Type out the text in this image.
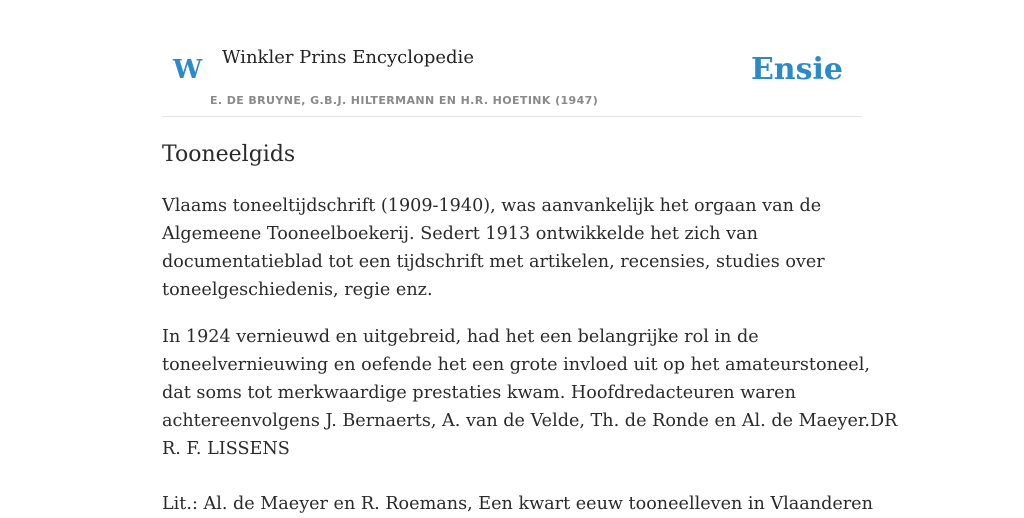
W Winkler Prins Encyclopedie
E. DE BRUYNE, G.B.J. HILTERMANN EN H.R. HOETINK (1947)
Ensie
Tooneelgids

Vlaams toneeltijdschrift (1909-1940), was aanvankelijk het orgaan van de
Algemeene Tooneelboekerij. Sedert 1913 ontwikkelde het zich van
documentatieblad tot een tijdschrift met artikelen, recensies, studies over
toneelgeschiedenis, regie enz.

In 1924 vernieuwd en uitgebreid, had het een belangrijke rol in de
toneelvernieuwing en oefende het een grote invloed uit op het amateurstoneel,
dat soms tot merkwaardige prestaties kwam. Hoofdredacteuren waren
achtereenvolgens J. Bernaerts, A. van de Velde, Th. de Ronde en Al. de Maeyer.DR
R. F. LISSENS

Lit.: Al. de Maeyer en R. Roemans, Een kwart eeuw tooneelleven in Vlaanderen
